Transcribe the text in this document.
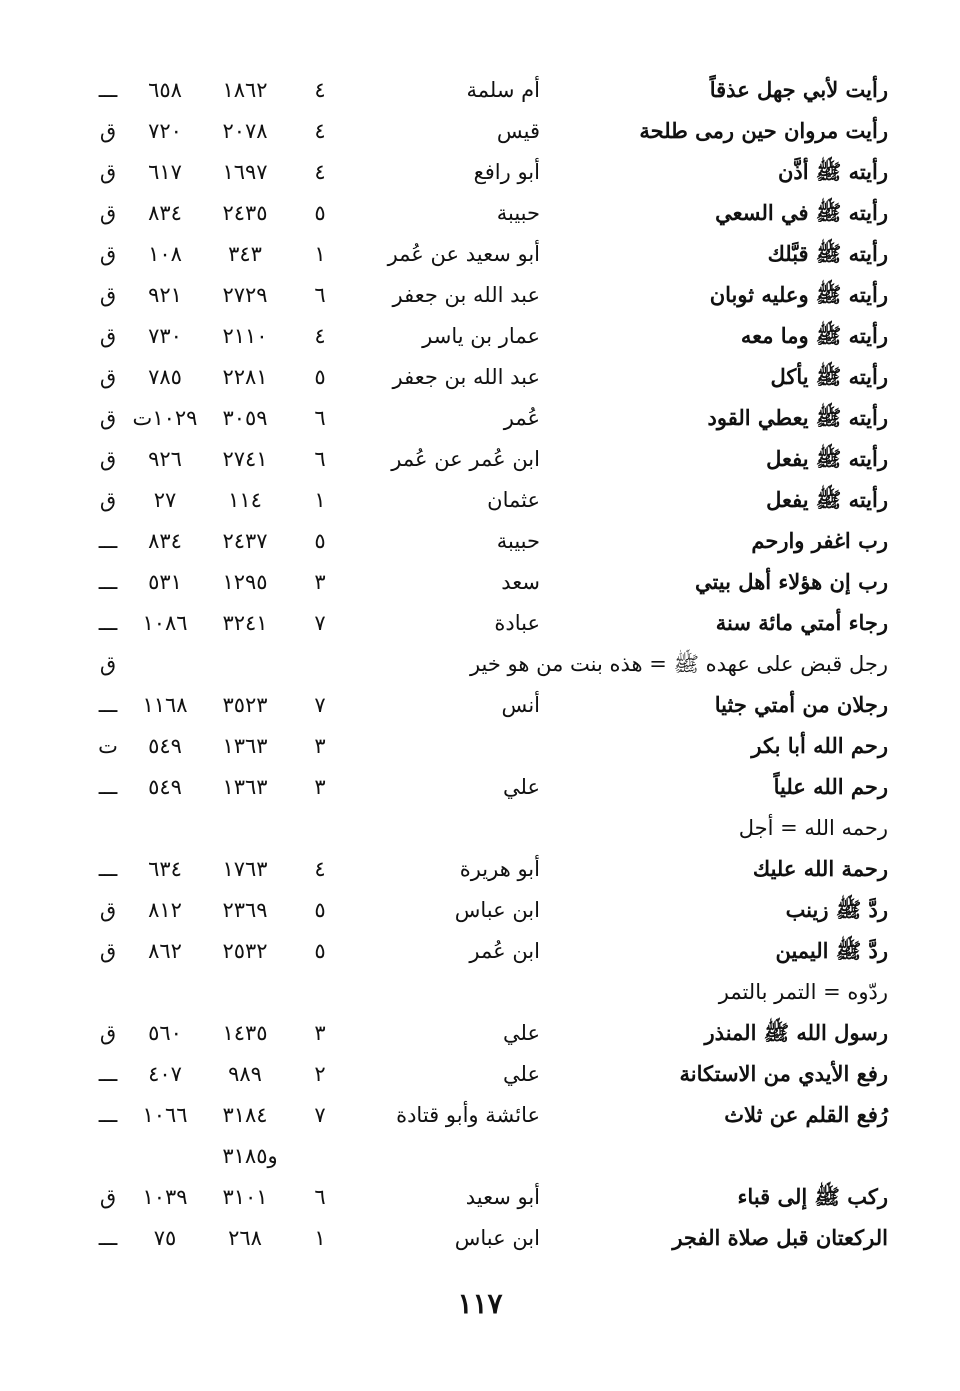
رأيت لأبي جهل عذقاً
أم سلمة
٤
١٨٦٢
٦٥٨
ـــ
رأيت مروان حين رمى طلحة
قيس
٤
٢٠٧٨
٧٢٠
ق
رأيته ﷺ أذَّن
أبو رافع
٤
١٦٩٧
٦١٧
ق
رأيته ﷺ في السعي
حبيبة
٥
٢٤٣٥
٨٣٤
ق
رأيته ﷺ قبَّلك
أبو سعيد عن عُمر
١
٣٤٣
١٠٨
ق
رأيته ﷺ وعليه ثوبان
عبد الله بن جعفر
٦
٢٧٢٩
٩٢١
ق
رأيته ﷺ وما معه
عمار بن ياسر
٤
٢١١٠
٧٣٠
ق
رأيته ﷺ يأكل
عبد الله بن جعفر
٥
٢٢٨١
٧٨٥
ق
رأيته ﷺ يعطي القود
عُمر
٦
٣٠٥٩
١٠٢٩ت
ق
رأيته ﷺ يفعل
ابن عُمر عن عُمر
٦
٢٧٤١
٩٢٦
ق
رأيته ﷺ يفعل
عثمان
١
١١٤
٢٧
ق
رب اغفر وارحم
حبيبة
٥
٢٤٣٧
٨٣٤
ـــ
رب إن هؤلاء أهل بيتي
سعد
٣
١٢٩٥
٥٣١
ـــ
رجاء أمتي مائة سنة
عبادة
٧
٣٢٤١
١٠٨٦
ـــ
رجل قبض على عهده ﷺ = هذه بنت من هو خير
ق
رجلان من أمتي جثيا
أنس
٧
٣٥٢٣
١١٦٨
ـــ
رحم الله أبا بكر
٣
١٣٦٣
٥٤٩
ت
رحم الله علياً
علي
٣
١٣٦٣
٥٤٩
ـــ
رحمه الله = أجل
رحمة الله عليك
أبو هريرة
٤
١٧٦٣
٦٣٤
ـــ
ردَّ ﷺ زينب
ابن عباس
٥
٢٣٦٩
٨١٢
ق
ردَّ ﷺ اليمين
ابن عُمر
٥
٢٥٣٢
٨٦٢
ق
ردّوه = التمر بالتمر
رسول الله ﷺ المنذر
علي
٣
١٤٣٥
٥٦٠
ق
رفع الأيدي من الاستكانة
علي
٢
٩٨٩
٤٠٧
ـــ
رُفع القلم عن ثلاث
عائشة وأبو قتادة
٧
٣١٨٤
١٠٦٦
ـــ
و٣١٨٥
ركب ﷺ إلى قباء
أبو سعيد
٦
٣١٠١
١٠٣٩
ق
الركعتان قبل صلاة الفجر
ابن عباس
١
٢٦٨
٧٥
ـــ
١١٧
